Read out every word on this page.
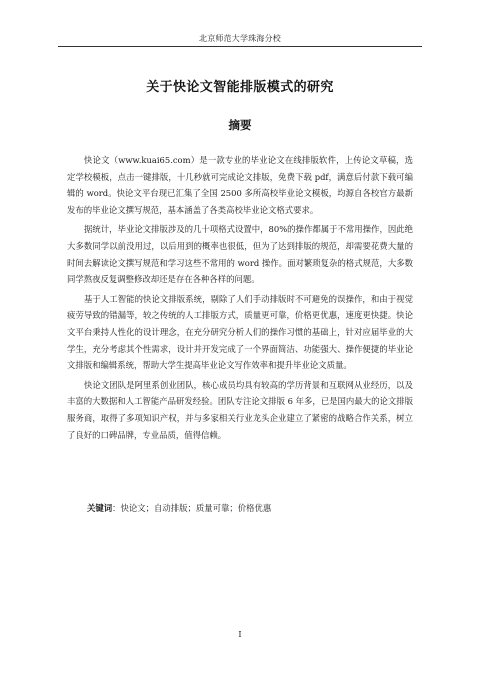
北京师范大学珠海分校
关于快论文智能排版模式的研究
摘要

快论文（www.kuai65.com）是一款专业的毕业论文在线排版软件，上传论文草稿，选定学校模板，点击一键排版，十几秒就可完成论文排版，免费下载 pdf，满意后付款下载可编辑的 word。快论文平台现已汇集了全国 2500 多所高校毕业论文模板，均源自各校官方最新发布的毕业论文撰写规范，基本涵盖了各类高校毕业论文格式要求。

据统计，毕业论文排版涉及的几十项格式设置中，80%的操作都属于不常用操作，因此绝大多数同学以前没用过，以后用到的概率也很低，但为了达到排版的规范，却需要花费大量的时间去解读论文撰写规范和学习这些不常用的 word 操作。面对繁琐复杂的格式规范，大多数同学熬夜反复调整修改却还是存在各种各样的问题。

基于人工智能的快论文排版系统，剔除了人们手动排版时不可避免的误操作，和由于视觉疲劳导致的错漏等，较之传统的人工排版方式，质量更可靠，价格更优惠，速度更快捷。快论文平台秉持人性化的设计理念，在充分研究分析人们的操作习惯的基础上，针对应届毕业的大学生，充分考虑其个性需求，设计并开发完成了一个界面简洁、功能强大、操作便捷的毕业论文排版和编辑系统，帮助大学生提高毕业论文写作效率和提升毕业论文质量。

快论文团队是阿里系创业团队，核心成员均具有较高的学历背景和互联网从业经历，以及丰富的大数据和人工智能产品研发经验。团队专注论文排版 6 年多，已是国内最大的论文排版服务商，取得了多项知识产权，并与多家相关行业龙头企业建立了紧密的战略合作关系，树立了良好的口碑品牌，专业品质，值得信赖。

关键词：快论文；自动排版；质量可靠；价格优惠
I
